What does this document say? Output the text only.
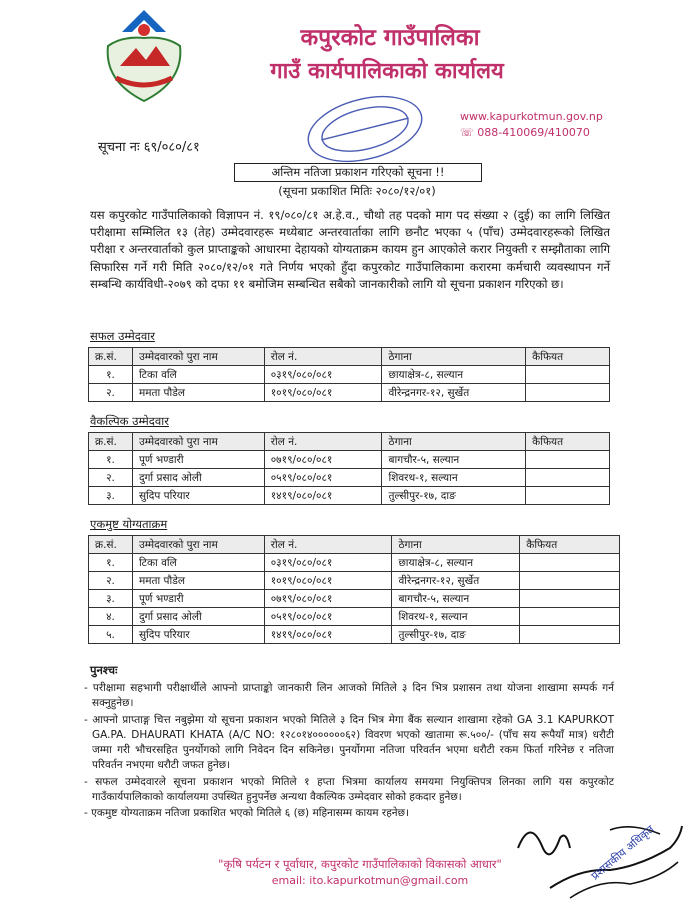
कपुरकोट गाउँपालिका
गाउँ कार्यपालिकाको कार्यालय
www.kapurkotmun.gov.np
☏ 088-410069/410070
सूचना नः ६९/०८०/८१
अन्तिम नतिजा प्रकाशन गरिएको सूचना !!
(सूचना प्रकाशित मितिः २०८०/१२/०१)
यस कपुरकोट गाउँपालिकाको विज्ञापन नं. १९/०८०/८१ अ.हे.व., चौथो तह पदको माग पद संख्या २ (दुई) का लागि लिखित परीक्षामा सम्मिलित १३ (तेह) उम्मेदवारहरू मध्येबाट अन्तरवार्ताका लागि छनौट भएका ५ (पाँच) उम्मेदवारहरूको लिखित परीक्षा र अन्तरवार्ताको कुल प्राप्ताङ्कको आधारमा देहायको योग्यताक्रम कायम हुन आएकोले करार नियुक्ती र सम्झौताका लागि सिफारिस गर्ने गरी मिति २०८०/१२/०१ गते निर्णय भएको हुँदा कपुरकोट गाउँपालिकामा करारमा कर्मचारी व्यवस्थापन गर्ने सम्बन्धि कार्यविधी-२०७९ को दफा ११ बमोजिम सम्बन्धित सबैको जानकारीको लागि यो सूचना प्रकाशन गरिएको छ।
सफल उम्मेदवार
क्र.सं.	उम्मेदवारको पुरा नाम	रोल नं.	ठेगाना	कैफियत
१.	टिका वलि	०३१९/०८०/०८१	छायाक्षेत्र-८, सल्यान	
२.	ममता पौडेल	१०१९/०८०/०८१	वीरेन्द्रनगर-१२, सुर्खेत	
वैकल्पिक उम्मेदवार
क्र.सं.	उम्मेदवारको पुरा नाम	रोल नं.	ठेगाना	कैफियत
१.	पूर्ण भण्डारी	०७१९/०८०/०८१	बागचौर-५, सल्यान	
२.	दुर्गा प्रसाद ओली	०५१९/०८०/०८१	शिवरथ-१, सल्यान	
३.	सुदिप परियार	१४१९/०८०/०८१	तुल्सीपुर-१७, दाङ	
एकमुष्ट योग्यताक्रम
क्र.सं.	उम्मेदवारको पुरा नाम	रोल नं.	ठेगाना	कैफियत
१.	टिका वलि	०३१९/०८०/०८१	छायाक्षेत्र-८, सल्यान	
२.	ममता पौडेल	१०१९/०८०/०८१	वीरेन्द्रनगर-१२, सुर्खेत	
३.	पूर्ण भण्डारी	०७१९/०८०/०८१	बागचौर-५, सल्यान	
४.	दुर्गा प्रसाद ओली	०५१९/०८०/०८१	शिवरथ-१, सल्यान	
५.	सुदिप परियार	१४१९/०८०/०८१	तुल्सीपुर-१७, दाङ	
पुनश्चः

- परीक्षामा सहभागी परीक्षार्थीले आफ्नो प्राप्ताङ्को जानकारी लिन आजको मितिले ३ दिन भित्र प्रशासन तथा योजना शाखामा सम्पर्क गर्न सक्नुहुनेछ।

- आफ्नो प्राप्ताङ्ग चित्त नबुझेमा यो सूचना प्रकाशन भएको मितिले ३ दिन भित्र मेगा बैंक सल्यान शाखामा रहेको GA 3.1 KAPURKOT GA.PA. DHAURATI KHATA (A/C NO: १२८०१४००००००६२) विवरण भएको खातामा रू.५००/- (पाँच सय रूपैयाँ मात्र) धरौटी जम्मा गरी भौचरसहित पुनर्योगको लागि निवेदन दिन सकिनेछ। पुनर्योगमा नतिजा परिवर्तन भएमा धरौटी रकम फिर्ता गरिनेछ र नतिजा परिवर्तन नभएमा धरौटी जफत हुनेछ।

- सफल उम्मेदवारले सूचना प्रकाशन भएको मितिले १ हप्ता भित्रमा कार्यालय समयमा नियुक्तिपत्र लिनका लागि यस कपुरकोट गाउँकार्यपालिकाको कार्यालयमा उपस्थित हुनुपर्नेछ अन्यथा वैकल्पिक उम्मेदवार सोको हकदार हुनेछ।

- एकमुष्ट योग्यताक्रम नतिजा प्रकाशित भएको मितिले ६ (छ) महिनासम्म कायम रहनेछ।

"कृषि पर्यटन र पूर्वाधार, कपुरकोट गाउँपालिकाको विकासको आधार"
email: ito.kapurkotmun@gmail.com	प्रशासकीय अधिकृत
